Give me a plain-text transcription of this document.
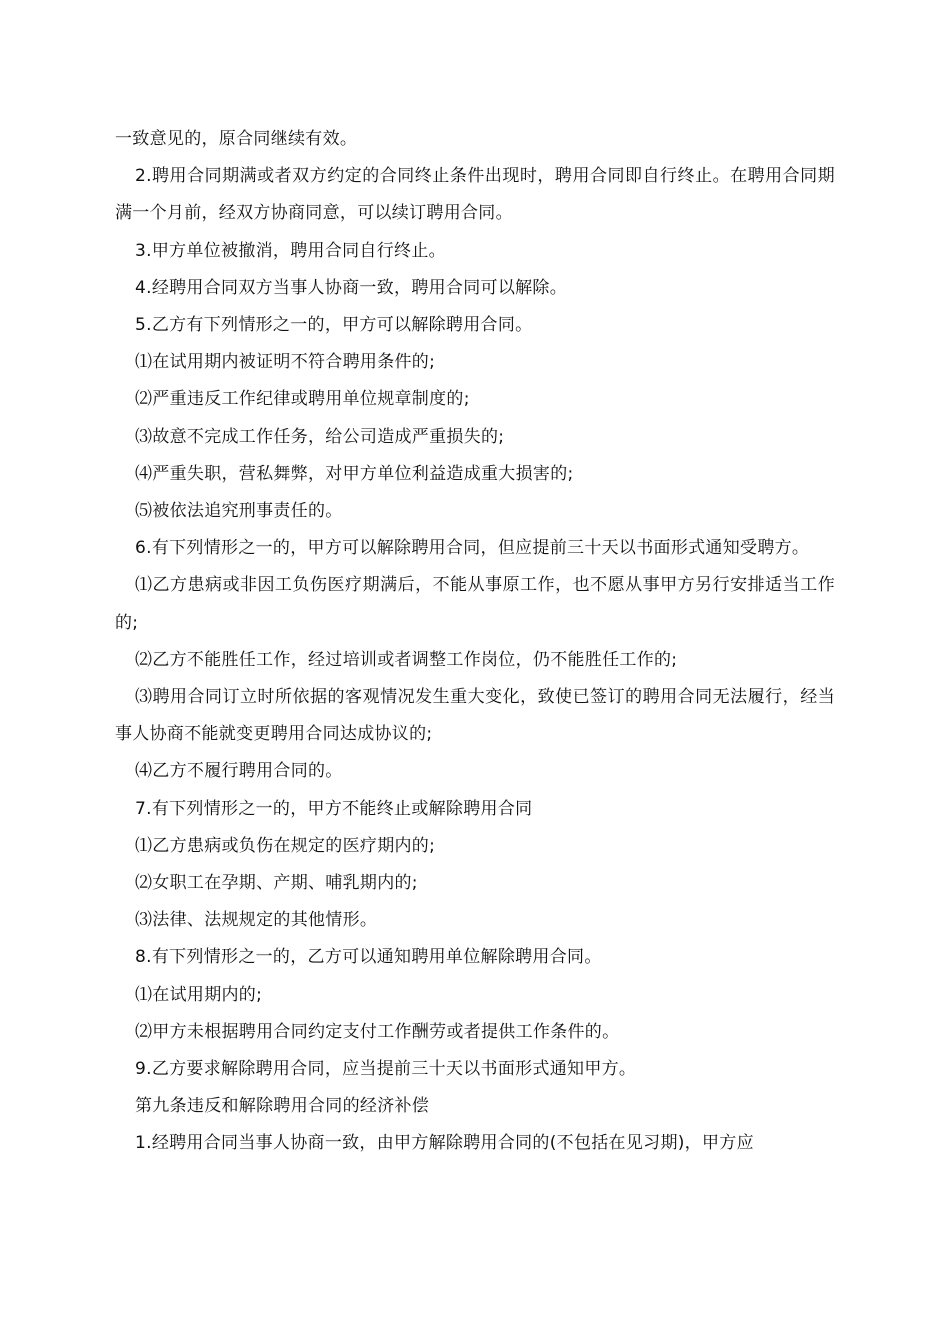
一致意见的，原合同继续有效。

2.聘用合同期满或者双方约定的合同终止条件出现时，聘用合同即自行终止。在聘用合同期满一个月前，经双方协商同意，可以续订聘用合同。

3.甲方单位被撤消，聘用合同自行终止。

4.经聘用合同双方当事人协商一致，聘用合同可以解除。

5.乙方有下列情形之一的，甲方可以解除聘用合同。

⑴在试用期内被证明不符合聘用条件的;

⑵严重违反工作纪律或聘用单位规章制度的;

⑶故意不完成工作任务，给公司造成严重损失的;

⑷严重失职，营私舞弊，对甲方单位利益造成重大损害的;

⑸被依法追究刑事责任的。

6.有下列情形之一的，甲方可以解除聘用合同，但应提前三十天以书面形式通知受聘方。

⑴乙方患病或非因工负伤医疗期满后，不能从事原工作，也不愿从事甲方另行安排适当工作的;

⑵乙方不能胜任工作，经过培训或者调整工作岗位，仍不能胜任工作的;

⑶聘用合同订立时所依据的客观情况发生重大变化，致使已签订的聘用合同无法履行，经当事人协商不能就变更聘用合同达成协议的;

⑷乙方不履行聘用合同的。

7.有下列情形之一的，甲方不能终止或解除聘用合同

⑴乙方患病或负伤在规定的医疗期内的;

⑵女职工在孕期、产期、哺乳期内的;

⑶法律、法规规定的其他情形。

8.有下列情形之一的，乙方可以通知聘用单位解除聘用合同。

⑴在试用期内的;

⑵甲方未根据聘用合同约定支付工作酬劳或者提供工作条件的。

9.乙方要求解除聘用合同，应当提前三十天以书面形式通知甲方。

第九条违反和解除聘用合同的经济补偿

1.经聘用合同当事人协商一致，由甲方解除聘用合同的(不包括在见习期)，甲方应
